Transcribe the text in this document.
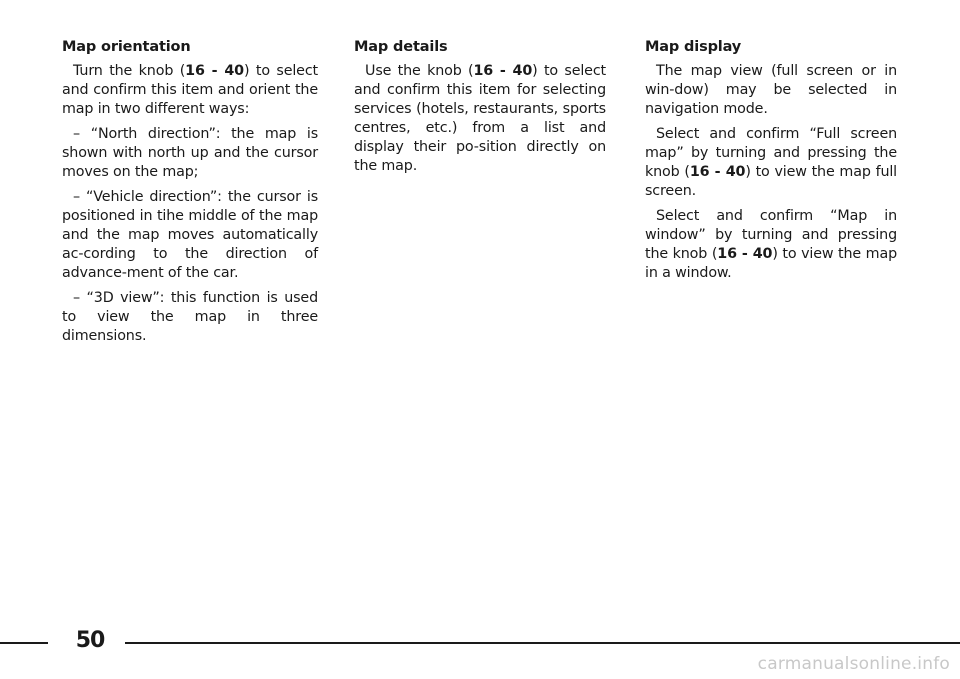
Map orientation

Turn the knob (16 - 40) to select and confirm this item and orient the map in two different ways:

– “North direction”: the map is shown with north up and the cursor moves on the map;

– “Vehicle direction”: the cursor is positioned in tihe middle of the map and the map moves automatically ac-cording to the direction of advance-ment of the car.

– “3D view”: this function is used to view the map in three dimensions.

Map details

Use the knob (16 - 40) to select and confirm this item for selecting services (hotels, restaurants, sports centres, etc.) from a list and display their po-sition directly on the map.

Map display

The map view (full screen or in win-dow) may be selected in navigation mode.

Select and confirm “Full screen map” by turning and pressing the knob (16 - 40) to view the map full screen.

Select and confirm “Map in window” by turning and pressing the knob (16 - 40) to view the map in a window.

50
carmanualsonline.info
